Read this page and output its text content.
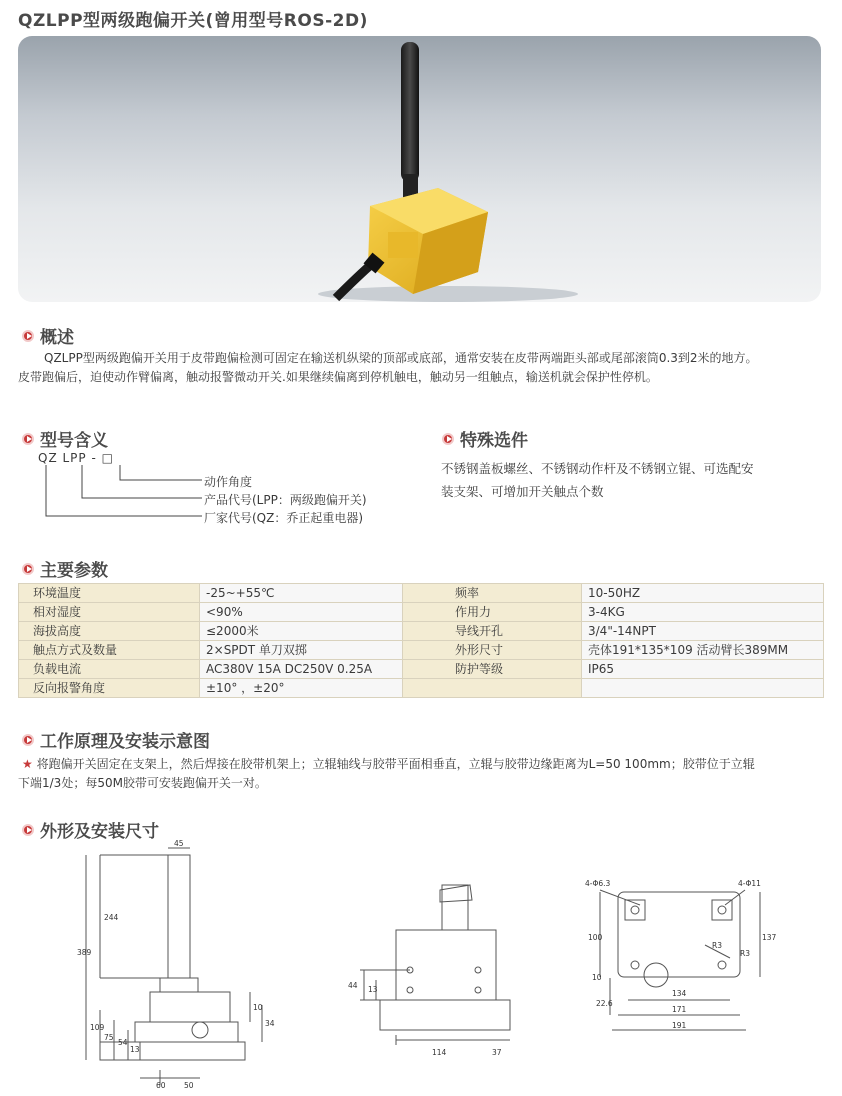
QZLPP型两级跑偏开关(曾用型号ROS-2D)
概述
QZLPP型两级跑偏开关用于皮带跑偏检测可固定在输送机纵梁的顶部或底部，通常安装在皮带两端距头部或尾部滚筒0.3到2米的地方。
皮带跑偏后，迫使动作臂偏离，触动报警微动开关.如果继续偏离到停机触电，触动另一组触点，输送机就会保护性停机。
型号含义
QZ LPP - □
动作角度
产品代号(LPP：两级跑偏开关)
厂家代号(QZ：乔正起重电器)
特殊选件
不锈钢盖板螺丝、不锈钢动作杆及不锈钢立锟、可选配安
装支架、可增加开关触点个数
主要参数
环境温度	-25~+55℃	频率	10-50HZ
相对湿度	<90%	作用力	3-4KG
海拔高度	≤2000米	导线开孔	3/4"-14NPT
触点方式及数量	2×SPDT 单刀双掷	外形尺寸	壳体191*135*109 活动臂长389MM
负载电流	AC380V 15A DC250V 0.25A	防护等级	IP65
反向报警角度	±10° ，±20°		
工作原理及安装示意图
★ 将跑偏开关固定在支架上，然后焊接在胶带机架上；立辊轴线与胶带平面相垂直，立辊与胶带边缘距离为L=50 100mm；胶带位于立辊
下端1/3处；每50M胶带可安装跑偏开关一对。
外形及安装尺寸
45
244
389
109
75
54
13
10
34
60 50
44 13
114	37
4-Φ6.3	4-Φ11
R3
R3
100
10
137
22.6
134
171
191
